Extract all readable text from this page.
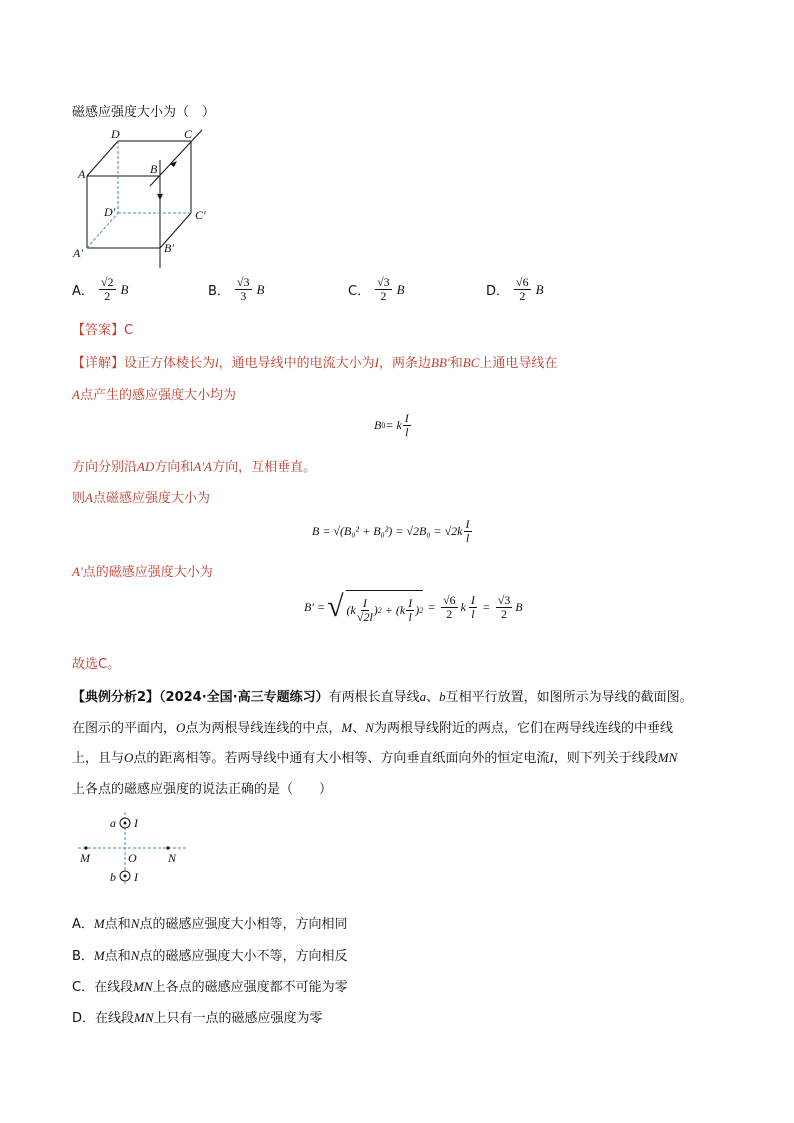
磁感应强度大小为（　）
D	C
A	B
D′	C′
A′	B′
A． $\frac{√2}{2}$ B	B． $\frac{√3}{3}$ B	C． $\frac{√3}{2}$ B	D． $\frac{√6}{2}$ B
【答案】C
【详解】设正方体棱长为l，通电导线中的电流大小为I，两条边BB′和BC上通电导线在
A点产生的感应强度大小均为
B 0 = k $\frac{I}{l}$
方向分别沿AD方向和A′A方向，互相垂直。
则A点磁感应强度大小为
$B = √(B_0^2 + B_0^2) = √2B_0 = √2k \frac{I}{l}$
A′点的磁感应强度大小为
B′ = √ ($k \frac{I}{√2l}$ ) $2 + (k \frac{I}{l}$ ) $2 = \frac{√6}{2}$ k $\frac{I}{l} = \frac{√3}{2}$ B
故选C。
【典例分析2】（2024·全国·高三专题练习）有两根长直导线a、b互相平行放置，如图所示为导线的截面图。
在图示的平面内，O点为两根导线连线的中点，M、N为两根导线附近的两点，它们在两导线连线的中垂线
上，且与O点的距离相等。若两导线中通有大小相等、方向垂直纸面向外的恒定电流I，则下列关于线段MN
上各点的磁感应强度的说法正确的是（　　）
a I
M	O	N
b I
A．M点和N点的磁感应强度大小相等，方向相同
B．M点和N点的磁感应强度大小不等，方向相反
C．在线段MN上各点的磁感应强度都不可能为零
D．在线段MN上只有一点的磁感应强度为零
